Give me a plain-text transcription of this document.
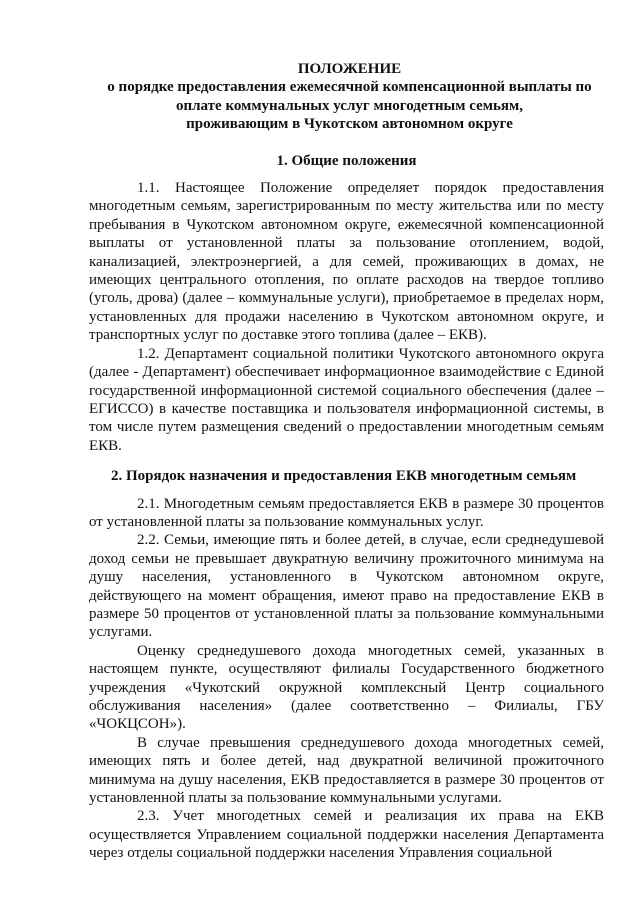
ПОЛОЖЕНИЕ

о порядке предоставления ежемесячной компенсационной выплаты по

оплате коммунальных услуг многодетным семьям,

проживающим в Чукотском автономном округе

1. Общие положения

1.1. Настоящее Положение определяет порядок предоставления многодетным семьям, зарегистрированным по месту жительства или по месту пребывания в Чукотском автономном округе, ежемесячной компенсационной выплаты от установленной платы за пользование отоплением, водой, канализацией, электроэнергией, а для семей, проживающих в домах, не имеющих центрального отопления, по оплате расходов на твердое топливо (уголь, дрова) (далее – коммунальные услуги), приобретаемое в пределах норм, установленных для продажи населению в Чукотском автономном округе, и транспортных услуг по доставке этого топлива (далее – ЕКВ).

1.2. Департамент социальной политики Чукотского автономного округа (далее - Департамент) обеспечивает информационное взаимодействие с Единой государственной информационной системой социального обеспечения (далее –ЕГИССО) в качестве поставщика и пользователя информационной системы, в том числе путем размещения сведений о предоставлении многодетным семьям ЕКВ.

2. Порядок назначения и предоставления ЕКВ многодетным семьям

2.1. Многодетным семьям предоставляется ЕКВ в размере 30 процентов от установленной платы за пользование коммунальных услуг.

2.2. Семьи, имеющие пять и более детей, в случае, если среднедушевой доход семьи не превышает двукратную величину прожиточного минимума на душу населения, установленного в Чукотском автономном округе, действующего на момент обращения, имеют право на предоставление ЕКВ в размере 50 процентов от установленной платы за пользование коммунальными услугами.

Оценку среднедушевого дохода многодетных семей, указанных в настоящем пункте, осуществляют филиалы Государственного бюджетного учреждения «Чукотский окружной комплексный Центр социального обслуживания населения» (далее соответственно – Филиалы, ГБУ «ЧОКЦСОН»).

В случае превышения среднедушевого дохода многодетных семей, имеющих пять и более детей, над двукратной величиной прожиточного минимума на душу населения, ЕКВ предоставляется в размере 30 процентов от установленной платы за пользование коммунальными услугами.

2.3. Учет многодетных семей и реализация их права на ЕКВ осуществляется Управлением социальной поддержки населения Департамента через отделы социальной поддержки населения Управления социальной
